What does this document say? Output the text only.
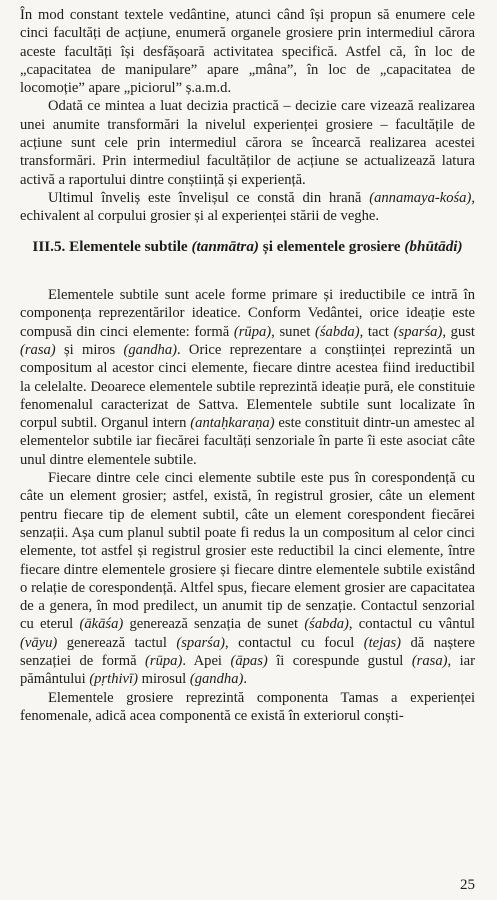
În mod constant textele vedântine, atunci când își propun să enumere cele cinci facultăți de acțiune, enumeră organele grosiere prin intermediul cărora aceste facultăți își desfășoară activitatea specifică. Astfel că, în loc de „capacitatea de manipulare” apare „mâna”, în loc de „capacitatea de locomoție” apare „piciorul” ș.a.m.d.

Odată ce mintea a luat decizia practică – decizie care vizează realizarea unei anumite transformări la nivelul experienței grosiere – facultățile de acțiune sunt cele prin intermediul cărora se încearcă realizarea acestei transformări. Prin intermediul facultăților de acțiune se actualizează latura activă a raportului dintre conștiință și experiență.

Ultimul înveliș este învelișul ce constă din hrană (annamaya-kośa), echivalent al corpului grosier și al experienței stării de veghe.

III.5. Elementele subtile (tanmātra) și elementele grosiere (bhūtādi)

Elementele subtile sunt acele forme primare și ireductibile ce intră în componența reprezentărilor ideatice. Conform Vedântei, orice ideație este compusă din cinci elemente: formă (rūpa), sunet (śabda), tact (sparśa), gust (rasa) și miros (gandha). Orice reprezentare a conștiinței reprezintă un compositum al acestor cinci elemente, fiecare dintre acestea fiind ireductibil la celelalte. Deoarece elementele subtile reprezintă ideație pură, ele constituie fenomenalul caracterizat de Sattva. Elementele subtile sunt localizate în corpul subtil. Organul intern (antaḥkaraṇa) este constituit dintr-un amestec al elementelor subtile iar fiecărei facultăți senzoriale în parte îi este asociat câte unul dintre elementele subtile.

Fiecare dintre cele cinci elemente subtile este pus în corespondență cu câte un element grosier; astfel, există, în registrul grosier, câte un element pentru fiecare tip de element subtil, câte un element corespondent fiecărei senzații. Așa cum planul subtil poate fi redus la un compositum al celor cinci elemente, tot astfel și registrul grosier este reductibil la cinci elemente, între fiecare dintre elementele grosiere și fiecare dintre elementele subtile existând o relație de corespondență. Altfel spus, fiecare element grosier are capacitatea de a genera, în mod predilect, un anumit tip de senzație. Contactul senzorial cu eterul (ākāśa) generează senzația de sunet (śabda), contactul cu vântul (vāyu) generează tactul (sparśa), contactul cu focul (tejas) dă naștere senzației de formă (rūpa). Apei (āpas) îi corespunde gustul (rasa), iar pământului (pṛthivī) mirosul (gandha).

Elementele grosiere reprezintă componenta Tamas a experienței fenomenale, adică acea componentă ce există în exteriorul conști-

25
